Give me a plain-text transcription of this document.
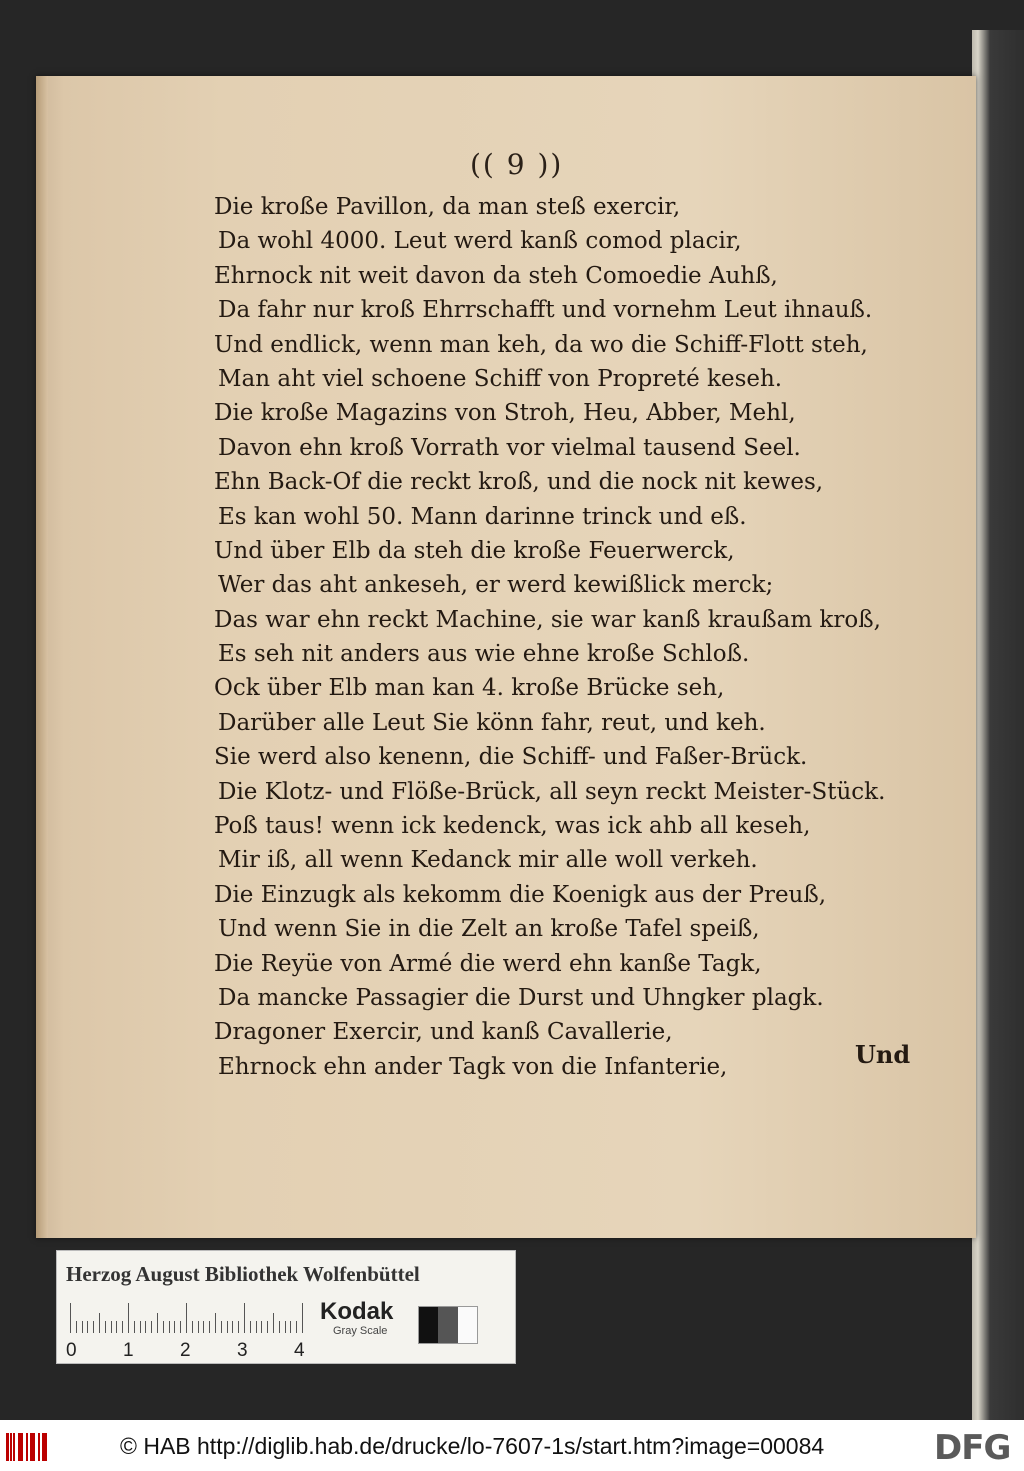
(( 9 ))
Die kroße Pavillon, da man steß exercir,
Da wohl 4000. Leut werd kanß comod placir,
Ehrnock nit weit davon da steh Comoedie Auhß,
Da fahr nur kroß Ehrrschafft und vornehm Leut ihnauß.
Und endlick, wenn man keh, da wo die Schiff-Flott steh,
Man aht viel schoene Schiff von Propreté keseh.
Die kroße Magazins von Stroh, Heu, Abber, Mehl,
Davon ehn kroß Vorrath vor vielmal tausend Seel.
Ehn Back-Of die reckt kroß, und die nock nit kewes,
Es kan wohl 50. Mann darinne trinck und eß.
Und über Elb da steh die kroße Feuerwerck,
Wer das aht ankeseh, er werd kewißlick merck;
Das war ehn reckt Machine, sie war kanß kraußam kroß,
Es seh nit anders aus wie ehne kroße Schloß.
Ock über Elb man kan 4. kroße Brücke seh,
Darüber alle Leut Sie könn fahr, reut, und keh.
Sie werd also kenenn, die Schiff- und Faßer-Brück.
Die Klotz- und Flöße-Brück, all seyn reckt Meister-Stück.
Poß taus! wenn ick kedenck, was ick ahb all keseh,
Mir iß, all wenn Kedanck mir alle woll verkeh.
Die Einzugk als kekomm die Koenigk aus der Preuß,
Und wenn Sie in die Zelt an kroße Tafel speiß,
Die Reyüe von Armé die werd ehn kanße Tagk,
Da mancke Passagier die Durst und Uhngker plagk.
Dragoner Exercir, und kanß Cavallerie,
Ehrnock ehn ander Tagk von die Infanterie,	Und
Herzog August Bibliothek Wolfenbüttel
0 1 2 3 4
Kodak
Gray Scale
© HAB http://diglib.hab.de/drucke/lo-7607-1s/start.htm?image=00084	DFG
